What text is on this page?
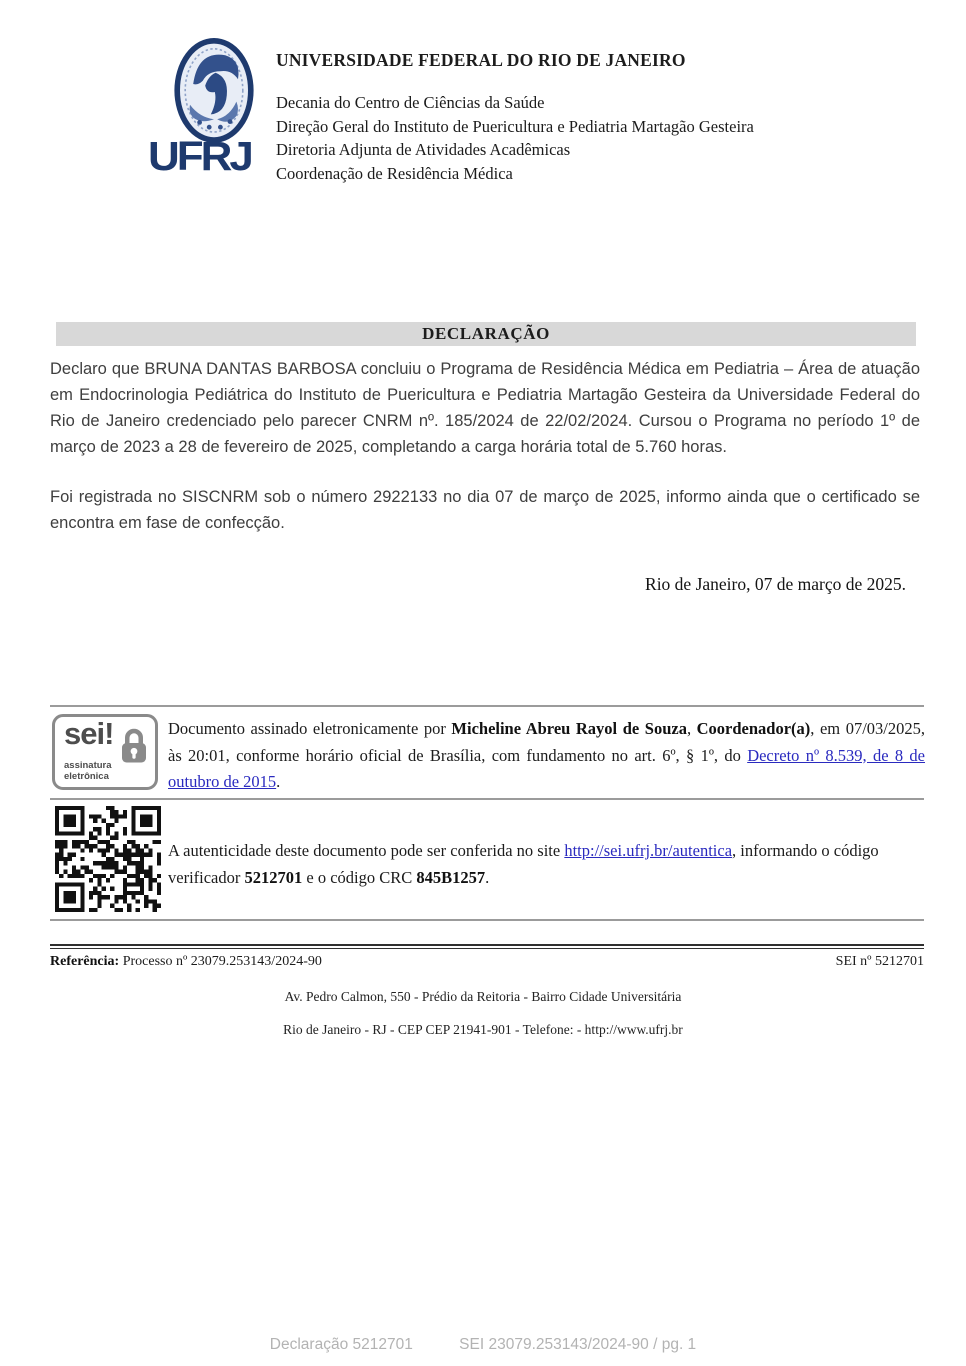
UFRJ
UNIVERSIDADE FEDERAL DO RIO DE JANEIRO
Decania do Centro de Ciências da Saúde
Direção Geral do Instituto de Puericultura e Pediatria Martagão Gesteira
Diretoria Adjunta de Atividades Acadêmicas
Coordenação de Residência Médica
DECLARAÇÃO

Declaro que BRUNA DANTAS BARBOSA concluiu o Programa de Residência Médica em Pediatria – Área de atuação em Endocrinologia Pediátrica do Instituto de Puericultura e Pediatria Martagão Gesteira da Universidade Federal do Rio de Janeiro credenciado pelo parecer CNRM nº. 185/2024 de 22/02/2024. Cursou o Programa no período 1º de março de 2023 a 28 de fevereiro de 2025, completando a carga horária total de 5.760 horas.

Foi registrada no SISCNRM sob o número 2922133 no dia 07 de março de 2025, informo ainda que o certificado se encontra em fase de confecção.

Rio de Janeiro, 07 de março de 2025.
sei!
assinatura
eletrônica

Documento assinado eletronicamente por Micheline Abreu Rayol de Souza, Coordenador(a), em 07/03/2025, às 20:01, conforme horário oficial de Brasília, com fundamento no art. 6º, § 1º, do Decreto nº 8.539, de 8 de outubro de 2015.

A autenticidade deste documento pode ser conferida no site http://sei.ufrj.br/autentica, informando o código verificador 5212701 e o código CRC 845B1257.

Referência: Processo nº 23079.253143/2024-90	SEI nº 5212701
Av. Pedro Calmon, 550 - Prédio da Reitoria - Bairro Cidade Universitária
Rio de Janeiro - RJ - CEP CEP 21941-901 - Telefone: - http://www.ufrj.br
Declaração 5212701	SEI 23079.253143/2024-90 / pg. 1
